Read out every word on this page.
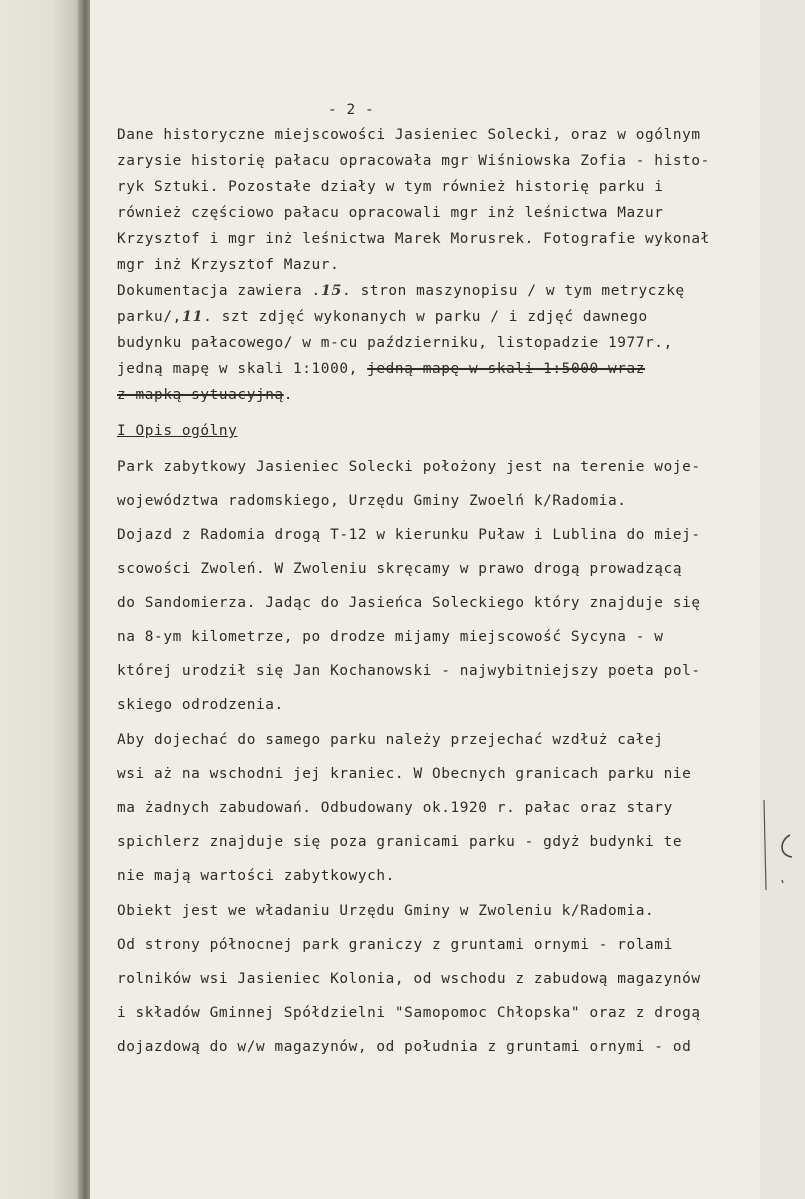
- 2 -

Dane historyczne miejscowości Jasieniec Solecki, oraz w ogólnym

zarysie historię pałacu opracowała mgr Wiśniowska Zofia - histo-

ryk Sztuki. Pozostałe działy w tym również historię parku i

również częściowo pałacu opracowali mgr inż leśnictwa Mazur

Krzysztof i mgr inż leśnictwa Marek Morusrek. Fotografie wykonał

mgr inż Krzysztof Mazur.

Dokumentacja zawiera .15. stron maszynopisu / w tym metryczkę

parku/,11. szt zdjęć wykonanych w parku / i zdjęć dawnego

budynku pałacowego/ w m-cu październiku, listopadzie 1977r.,

jedną mapę w skali 1:1000, jedną mapę w skali 1:5000 wraz

z mapką sytuacyjną.

I Opis ogólny

Park zabytkowy Jasieniec Solecki położony jest na terenie woje-

województwa radomskiego, Urzędu Gminy Zwoelń k/Radomia.

Dojazd z Radomia drogą T-12 w kierunku Puław i Lublina do miej-

scowości Zwoleń. W Zwoleniu skręcamy w prawo drogą prowadzącą

do Sandomierza. Jadąc do Jasieńca Soleckiego który znajduje się

na 8-ym kilometrze, po drodze mijamy miejscowość Sycyna - w

której urodził się Jan Kochanowski - najwybitniejszy poeta pol-

skiego odrodzenia.

Aby dojechać do samego parku należy przejechać wzdłuż całej

wsi aż na wschodni jej kraniec. W Obecnych granicach parku nie

ma żadnych zabudowań. Odbudowany ok.1920 r. pałac oraz stary

spichlerz znajduje się poza granicami parku - gdyż budynki te

nie mają wartości zabytkowych.

Obiekt jest we władaniu Urzędu Gminy w Zwoleniu k/Radomia.

Od strony północnej park graniczy z gruntami ornymi - rolami

rolników wsi Jasieniec Kolonia, od wschodu z zabudową magazynów

i składów Gminnej Spółdzielni "Samopomoc Chłopska" oraz z drogą

dojazdową do w/w magazynów, od południa z gruntami ornymi - od
